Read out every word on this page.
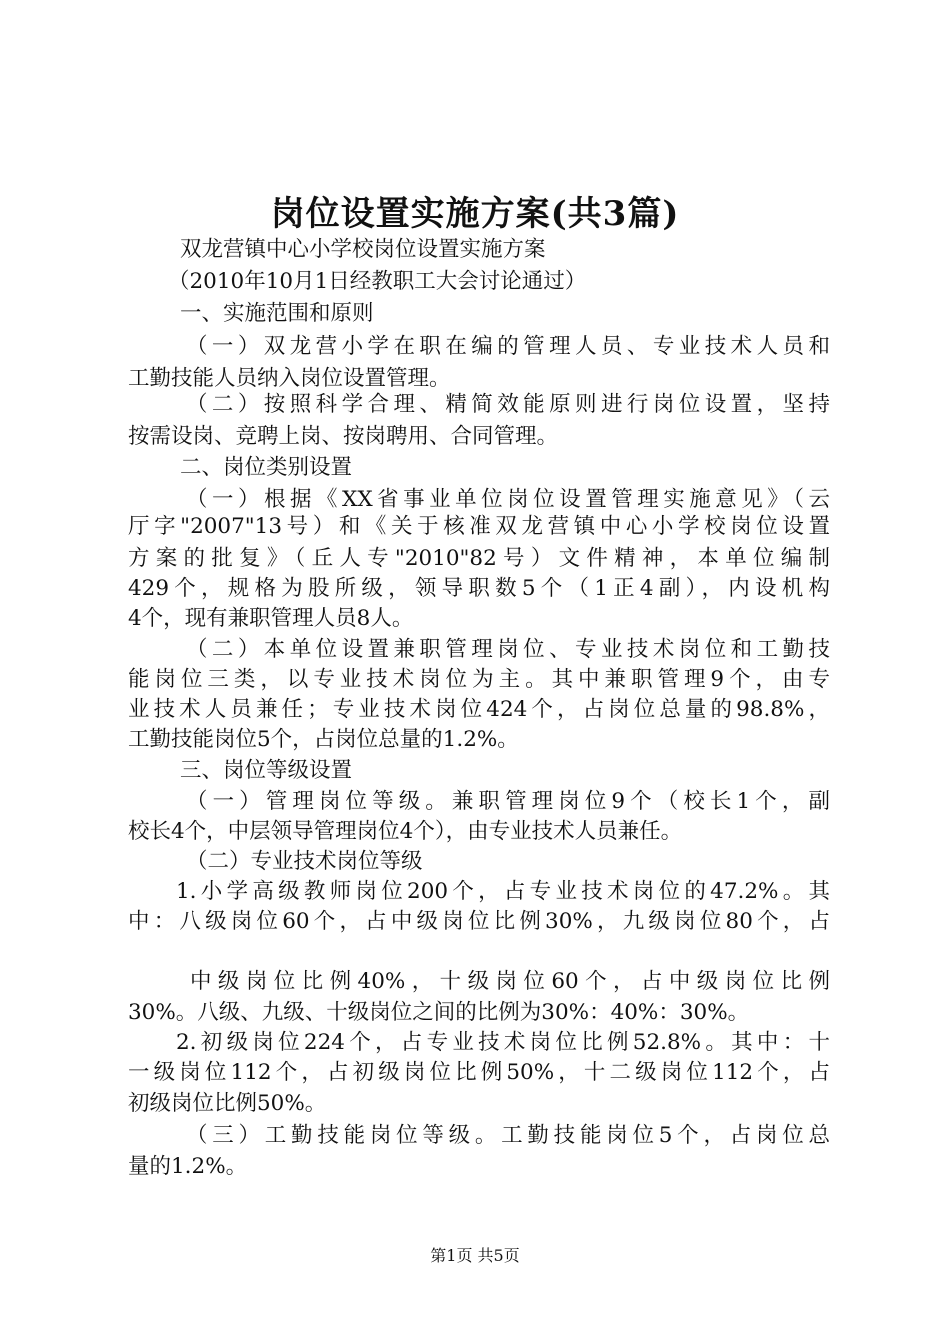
岗位设置实施方案(共3篇)
双龙营镇中心小学校岗位设置实施方案
（2010年10月1日经教职工大会讨论通过）
一、实施范围和原则
（一）双龙营小学在职在编的管理人员、专业技术人员和
工勤技能人员纳入岗位设置管理。
（二）按照科学合理、精简效能原则进行岗位设置，坚持
按需设岗、竞聘上岗、按岗聘用、合同管理。
二、岗位类别设置
（一）根据《XX省事业单位岗位设置管理实施意见》（云
厅字"2007"13号）和《关于核准双龙营镇中心小学校岗位设置
方案的批复》（丘人专"2010"82号）文件精神，本单位编制
429个，规格为股所级，领导职数5个（1正4副），内设机构
4个，现有兼职管理人员8人。
（二）本单位设置兼职管理岗位、专业技术岗位和工勤技
能岗位三类，以专业技术岗位为主。其中兼职管理9个，由专
业技术人员兼任；专业技术岗位424个，占岗位总量的98.8%，
工勤技能岗位5个，占岗位总量的1.2%。
三、岗位等级设置
（一）管理岗位等级。兼职管理岗位9个（校长1个，副
校长4个，中层领导管理岗位4个），由专业技术人员兼任。
（二）专业技术岗位等级
1.小学高级教师岗位200个，占专业技术岗位的47.2%。其
中：八级岗位60个，占中级岗位比例30%，九级岗位80个，占
中级岗位比例40%，十级岗位60个，占中级岗位比例
30%。八级、九级、十级岗位之间的比例为30%：40%：30%。
2.初级岗位224个，占专业技术岗位比例52.8%。其中：十
一级岗位112个，占初级岗位比例50%，十二级岗位112个，占
初级岗位比例50%。
（三）工勤技能岗位等级。工勤技能岗位5个，占岗位总
量的1.2%。
第1页 共5页
